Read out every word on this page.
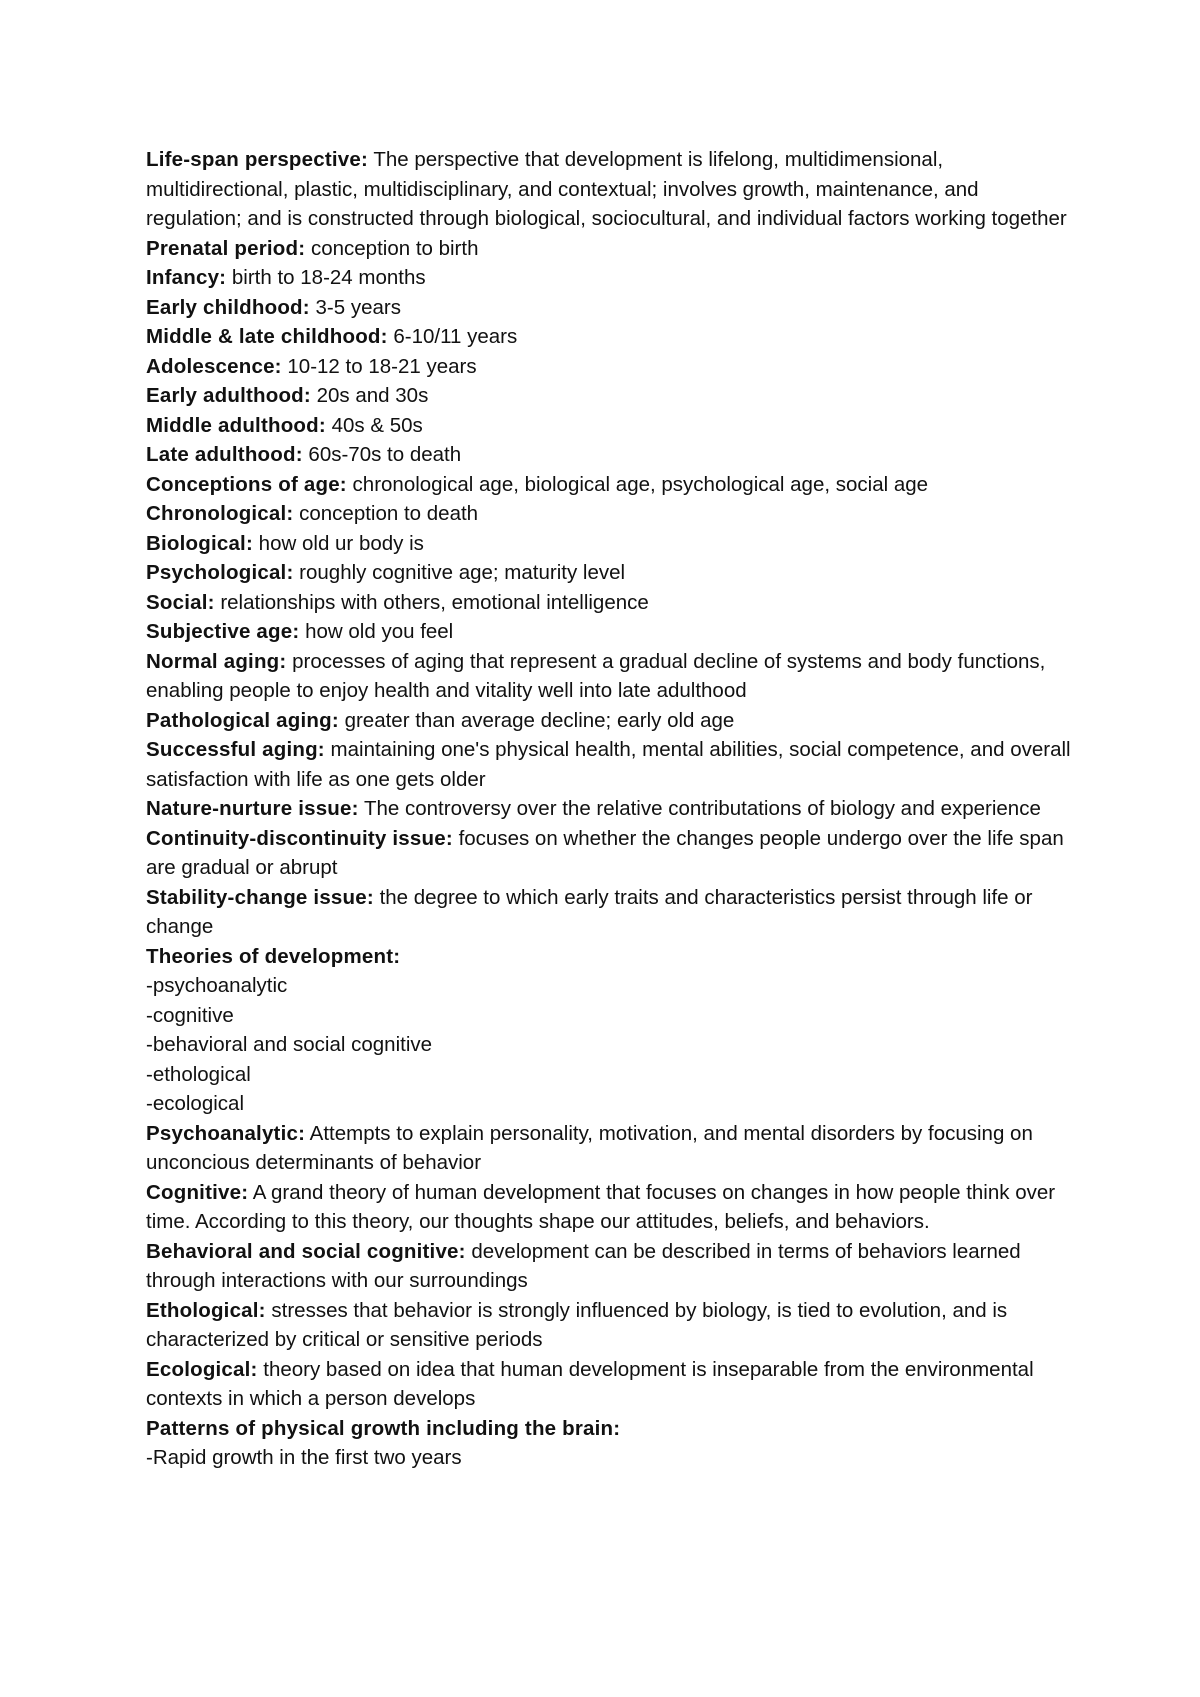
Life-span perspective: The perspective that development is lifelong, multidimensional, multidirectional, plastic, multidisciplinary, and contextual; involves growth, maintenance, and regulation; and is constructed through biological, sociocultural, and individual factors working together

Prenatal period: conception to birth

Infancy: birth to 18-24 months

Early childhood: 3-5 years

Middle & late childhood: 6-10/11 years

Adolescence: 10-12 to 18-21 years

Early adulthood: 20s and 30s

Middle adulthood: 40s & 50s

Late adulthood: 60s-70s to death

Conceptions of age: chronological age, biological age, psychological age, social age

Chronological: conception to death

Biological: how old ur body is

Psychological: roughly cognitive age; maturity level

Social: relationships with others, emotional intelligence

Subjective age: how old you feel

Normal aging: processes of aging that represent a gradual decline of systems and body functions, enabling people to enjoy health and vitality well into late adulthood

Pathological aging: greater than average decline; early old age

Successful aging: maintaining one's physical health, mental abilities, social competence, and overall satisfaction with life as one gets older

Nature-nurture issue: The controversy over the relative contributations of biology and experience

Continuity-discontinuity issue: focuses on whether the changes people undergo over the life span are gradual or abrupt

Stability-change issue: the degree to which early traits and characteristics persist through life or change

Theories of development:

-psychoanalytic

-cognitive

-behavioral and social cognitive

-ethological

-ecological

Psychoanalytic: Attempts to explain personality, motivation, and mental disorders by focusing on unconcious determinants of behavior

Cognitive: A grand theory of human development that focuses on changes in how people think over time. According to this theory, our thoughts shape our attitudes, beliefs, and behaviors.

Behavioral and social cognitive: development can be described in terms of behaviors learned through interactions with our surroundings

Ethological: stresses that behavior is strongly influenced by biology, is tied to evolution, and is characterized by critical or sensitive periods

Ecological: theory based on idea that human development is inseparable from the environmental contexts in which a person develops

Patterns of physical growth including the brain:

-Rapid growth in the first two years
